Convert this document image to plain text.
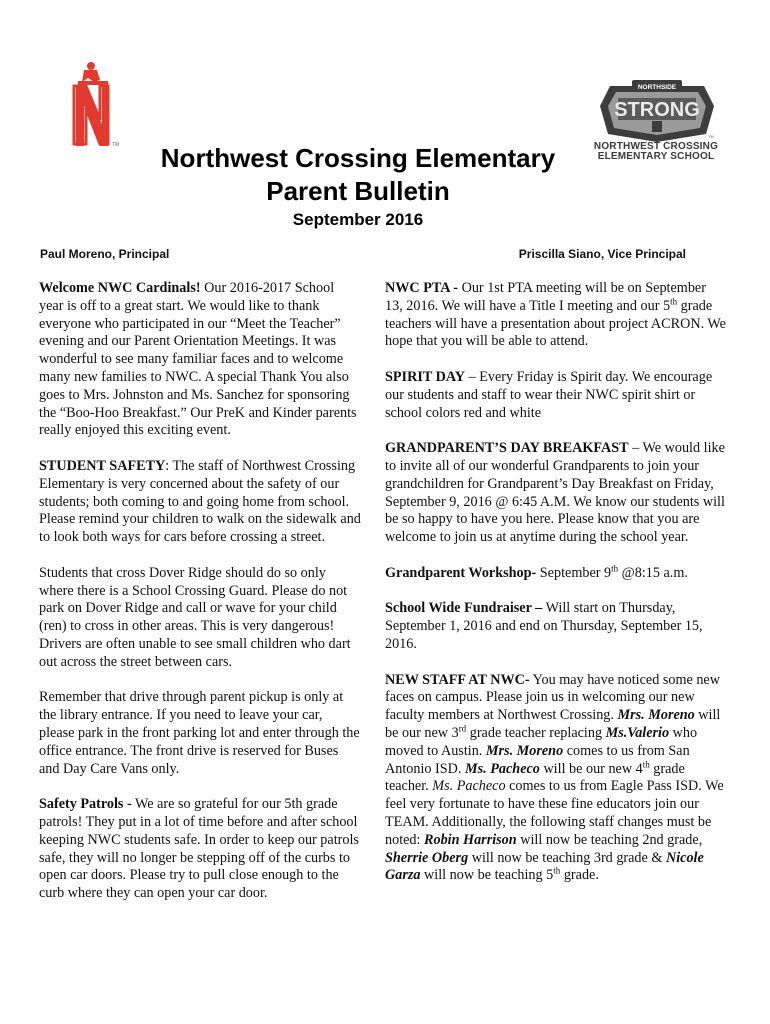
TM
NORTHSIDE
STRONG
TM
NORTHWEST CROSSING
ELEMENTARY SCHOOL
Northwest Crossing Elementary
Parent Bulletin
September 2016
Paul Moreno, Principal	Priscilla Siano, Vice Principal

Welcome NWC Cardinals! Our 2016-2017 School year is off to a great start. We would like to thank everyone who participated in our “Meet the Teacher” evening and our Parent Orientation Meetings. It was wonderful to see many familiar faces and to welcome many new families to NWC. A special Thank You also goes to Mrs. Johnston and Ms. Sanchez for sponsoring the “Boo-Hoo Breakfast.” Our PreK and Kinder parents really enjoyed this exciting event.

STUDENT SAFETY: The staff of Northwest Crossing Elementary is very concerned about the safety of our students; both coming to and going home from school. Please remind your children to walk on the sidewalk and to look both ways for cars before crossing a street.

Students that cross Dover Ridge should do so only where there is a School Crossing Guard. Please do not park on Dover Ridge and call or wave for your child (ren) to cross in other areas. This is very dangerous! Drivers are often unable to see small children who dart out across the street between cars.

Remember that drive through parent pickup is only at the library entrance. If you need to leave your car, please park in the front parking lot and enter through the office entrance. The front drive is reserved for Buses and Day Care Vans only.

Safety Patrols - We are so grateful for our 5th grade patrols! They put in a lot of time before and after school keeping NWC students safe. In order to keep our patrols safe, they will no longer be stepping off of the curbs to open car doors. Please try to pull close enough to the curb where they can open your car door.

NWC PTA - Our 1st PTA meeting will be on September 13, 2016. We will have a Title I meeting and our 5th grade teachers will have a presentation about project ACRON. We hope that you will be able to attend.

SPIRIT DAY – Every Friday is Spirit day. We encourage our students and staff to wear their NWC spirit shirt or school colors red and white

GRANDPARENT’S DAY BREAKFAST – We would like to invite all of our wonderful Grandparents to join your grandchildren for Grandparent’s Day Breakfast on Friday, September 9, 2016 @ 6:45 A.M. We know our students will be so happy to have you here. Please know that you are welcome to join us at anytime during the school year.

Grandparent Workshop- September 9th @8:15 a.m.

School Wide Fundraiser – Will start on Thursday, September 1, 2016 and end on Thursday, September 15, 2016.

NEW STAFF AT NWC- You may have noticed some new faces on campus. Please join us in welcoming our new faculty members at Northwest Crossing. Mrs. Moreno will be our new 3rd grade teacher replacing Ms.Valerio who moved to Austin. Mrs. Moreno comes to us from San Antonio ISD. Ms. Pacheco will be our new 4th grade teacher. Ms. Pacheco comes to us from Eagle Pass ISD. We feel very fortunate to have these fine educators join our TEAM. Additionally, the following staff changes must be noted: Robin Harrison will now be teaching 2nd grade, Sherrie Oberg will now be teaching 3rd grade & Nicole Garza will now be teaching 5th grade.
